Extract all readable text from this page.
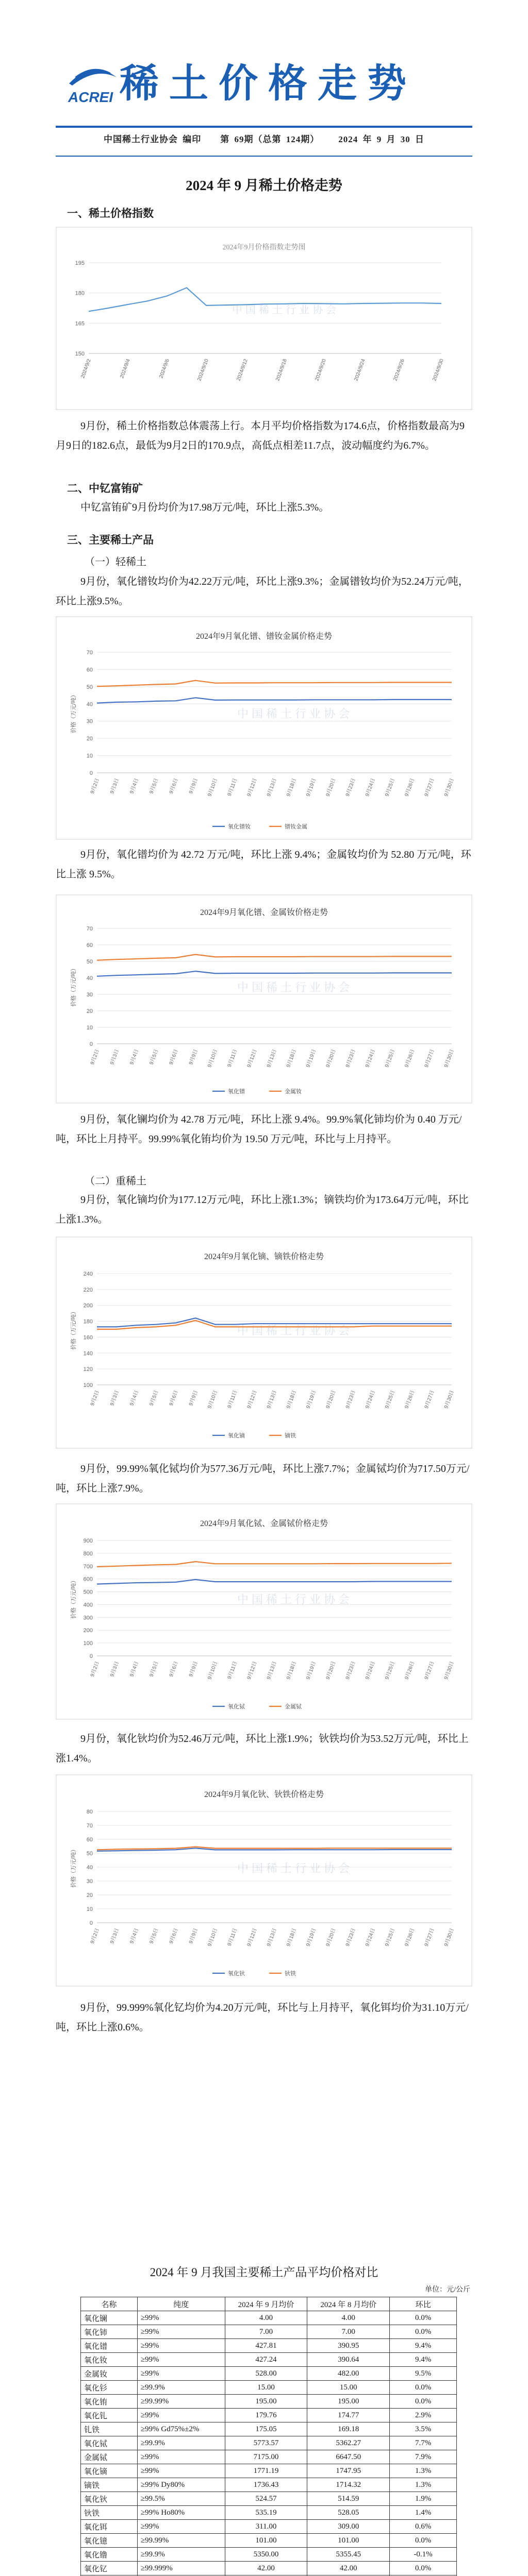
ACREI 稀土价格走势
中国稀土行业协会 编印 第 69期（总第 124期） 2024 年 9 月 30 日
2024 年 9 月稀土价格走势
一、稀土价格指数
2024年9月价格指数走势图
150
165
180
195
2024/9/2	2024/9/4	2024/9/6	2024/9/10	2024/9/12	2024/9/18	2024/9/20	2024/9/24	2024/9/26	2024/9/30
中国稀土行业协会

9月份，稀土价格指数总体震荡上行。本月平均价格指数为174.6点，价格指数最高为9月9日的182.6点，最低为9月2日的170.9点，高低点相差11.7点，波动幅度约为6.7%。

二、中钇富铕矿

中钇富铕矿9月份均价为17.98万元/吨，环比上涨5.3%。

三、主要稀土产品
（一）轻稀土

9月份，氧化镨钕均价为42.22万元/吨，环比上涨9.3%；金属镨钕均价为52.24万元/吨，环比上涨9.5%。

2024年9月氧化镨、镨钕金属价格走势
0
10
20
30
40
50
60
70
价格（万元/吨）
9月2日 9月3日 9月4日 9月5日 9月6日 9月9日 9月10日 9月11日 9月12日 9月13日 9月18日 9月19日 9月20日 9月23日 9月24日 9月25日 9月26日 9月27日 9月30日
中国稀土行业协会
氧化镨钕	镨钕金属

9月份，氧化镨均价为 42.72 万元/吨，环比上涨 9.4%；金属钕均价为 52.80 万元/吨，环比上涨 9.5%。

2024年9月氧化镨、金属钕价格走势
0
10
20
30
40
50
60
70
价格（万元/吨）
9月2日 9月3日 9月4日 9月5日 9月6日 9月9日 9月10日 9月11日 9月12日 9月13日 9月18日 9月19日 9月20日 9月23日 9月24日 9月25日 9月26日 9月27日 9月30日
中国稀土行业协会
氧化镨	金属钕

9月份，氧化镧均价为 42.78 万元/吨，环比上涨 9.4%。99.9%氧化铈均价为 0.40 万元/吨，环比上月持平。99.99%氧化铕均价为 19.50 万元/吨，环比与上月持平。

（二）重稀土

9月份，氧化镝均价为177.12万元/吨，环比上涨1.3%；镝铁均价为173.64万元/吨，环比上涨1.3%。

2024年9月氧化镝、镝铁价格走势
100
120
140
160
180
200
220
240
价格（万元/吨）
9月2日 9月3日 9月4日 9月5日 9月6日 9月9日 9月10日 9月11日 9月12日 9月13日 9月18日 9月19日 9月20日 9月23日 9月24日 9月25日 9月26日 9月27日 9月30日
中国稀土行业协会
氧化镝	镝铁

9月份，99.99%氧化铽均价为577.36万元/吨，环比上涨7.7%；金属铽均价为717.50万元/吨，环比上涨7.9%。

2024年9月氧化铽、金属铽价格走势
0
100
200
300
400
500
600
700
800
900
价格（万元/吨）
9月2日 9月3日 9月4日 9月5日 9月6日 9月9日 9月10日 9月11日 9月12日 9月13日 9月18日 9月19日 9月20日 9月23日 9月24日 9月25日 9月26日 9月27日 9月30日
中国稀土行业协会
氧化铽	金属铽

9月份，氧化钬均价为52.46万元/吨，环比上涨1.9%；钬铁均价为53.52万元/吨，环比上涨1.4%。

2024年9月氧化钬、钬铁价格走势
0
10
20
30
40
50
60
70
80
价格（万元/吨）
9月2日 9月3日 9月4日 9月5日 9月6日 9月9日 9月10日 9月11日 9月12日 9月13日 9月18日 9月19日 9月20日 9月23日 9月24日 9月25日 9月26日 9月27日 9月30日
中国稀土行业协会
氧化钬	钬铁

9月份，99.999%氧化钇均价为4.20万元/吨，环比与上月持平，氧化铒均价为31.10万元/吨，环比上涨0.6%。

2024 年 9 月我国主要稀土产品平均价格对比
单位：元/公斤
名称	纯度	2024 年 9 月均价	2024 年 8 月均价	环比
氧化镧	≥99%	4.00	4.00	0.0%
氧化铈	≥99%	7.00	7.00	0.0%
氧化镨	≥99%	427.81	390.95	9.4%
氧化钕	≥99%	427.24	390.64	9.4%
金属钕	≥99%	528.00	482.00	9.5%
氧化钐	≥99.9%	15.00	15.00	0.0%
氧化铕	≥99.99%	195.00	195.00	0.0%
氧化钆	≥99%	179.76	174.77	2.9%
钆铁	≥99% Gd75%±2%	175.05	169.18	3.5%
氧化铽	≥99.9%	5773.57	5362.27	7.7%
金属铽	≥99%	7175.00	6647.50	7.9%
氧化镝	≥99%	1771.19	1747.95	1.3%
镝铁	≥99% Dy80%	1736.43	1714.32	1.3%
氧化钬	≥99.5%	524.57	514.59	1.9%
钬铁	≥99% Ho80%	535.19	528.05	1.4%
氧化铒	≥99%	311.00	309.00	0.6%
氧化镱	≥99.99%	101.00	101.00	0.0%
氧化镥	≥99.9%	5350.00	5355.45	-0.1%
氧化钇	≥99.999%	42.00	42.00	0.0%
